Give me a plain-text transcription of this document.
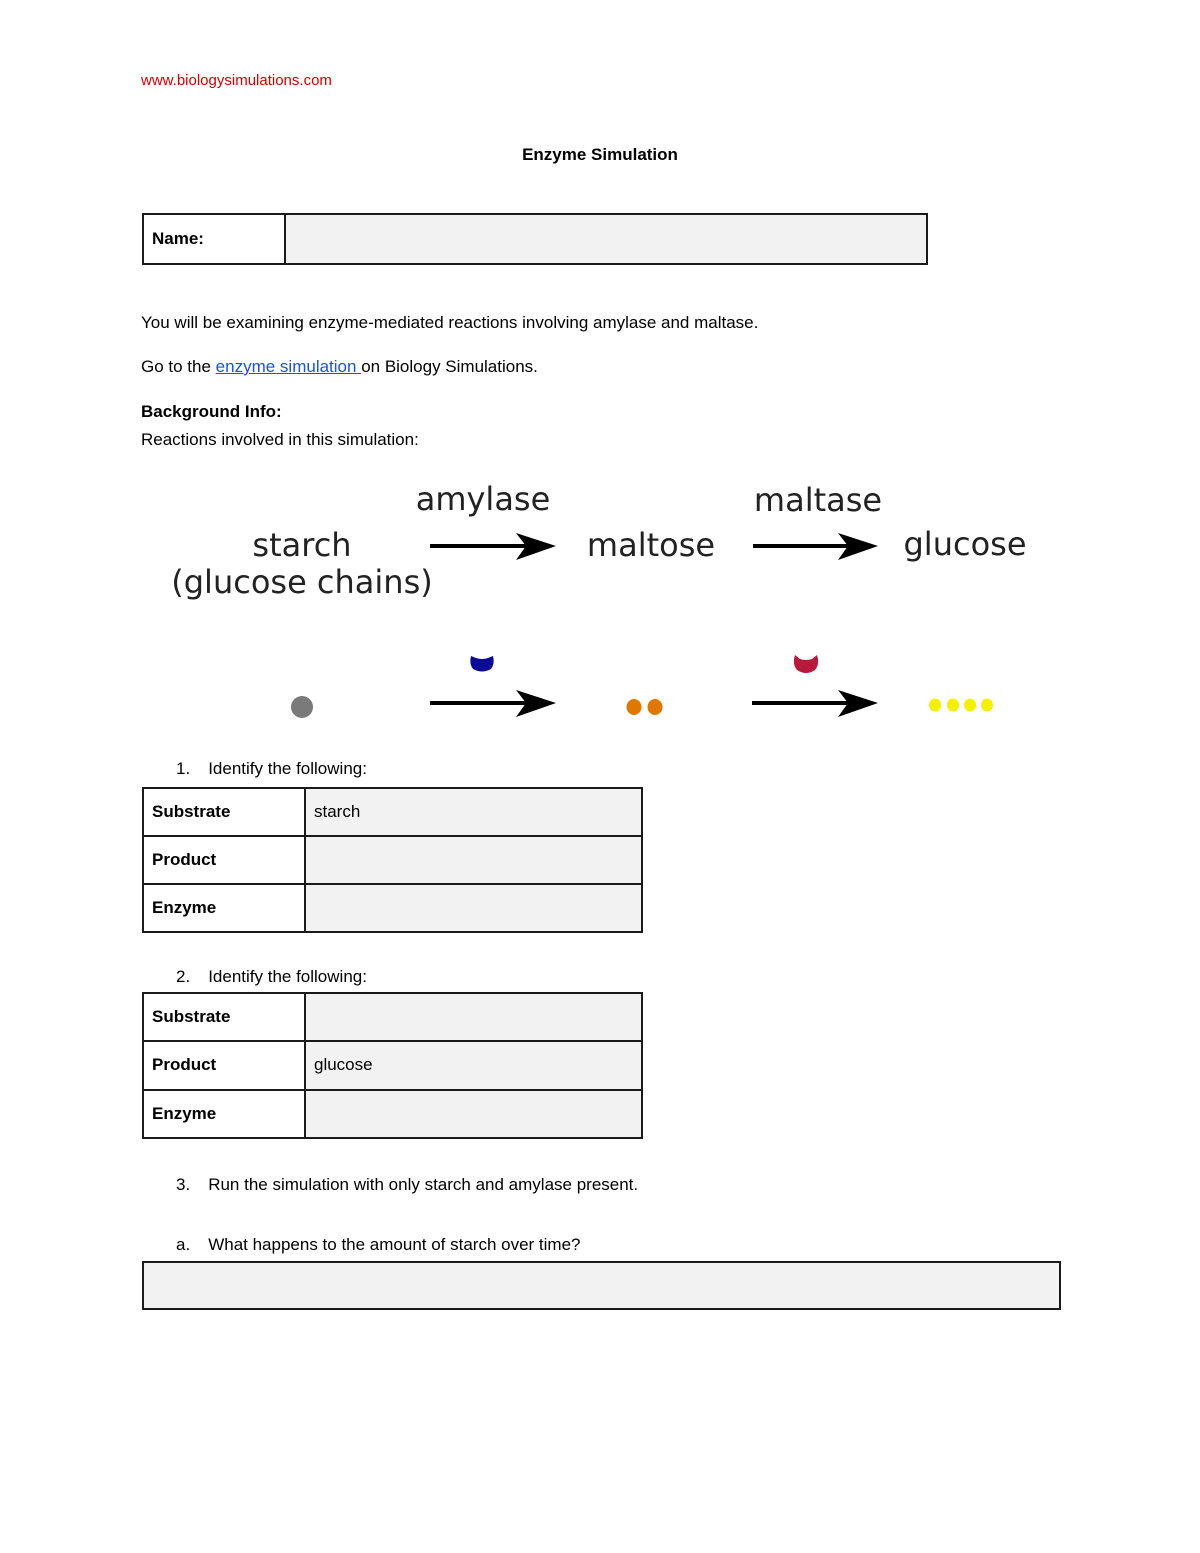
www.biologysimulations.com
Enzyme Simulation
Name:	
You will be examining enzyme-mediated reactions involving amylase and maltase.
Go to the enzyme simulation on Biology Simulations.
Background Info:
Reactions involved in this simulation:
starch
(glucose chains)
amylase
maltose
maltase
glucose
1. Identify the following:
Substrate	starch
Product	
Enzyme	
2. Identify the following:
Substrate	
Product	glucose
Enzyme	
3. Run the simulation with only starch and amylase present.
a. What happens to the amount of starch over time?
